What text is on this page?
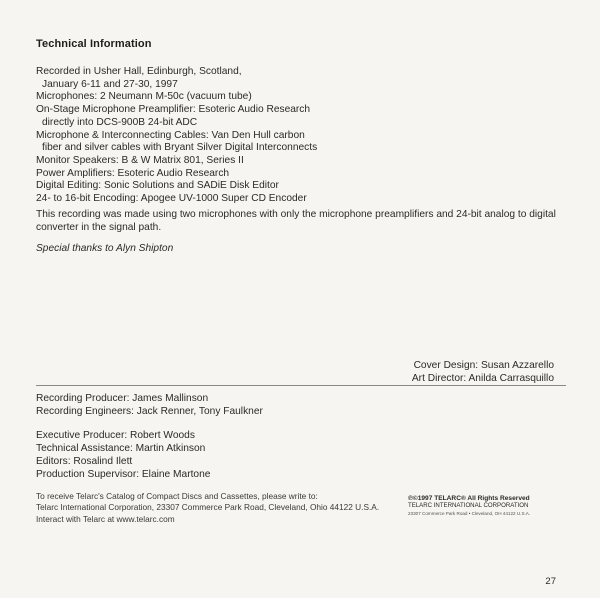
Technical Information
Recorded in Usher Hall, Edinburgh, Scotland,
January 6-11 and 27-30, 1997
Microphones: 2 Neumann M-50c (vacuum tube)
On-Stage Microphone Preamplifier: Esoteric Audio Research
directly into DCS-900B 24-bit ADC
Microphone & Interconnecting Cables: Van Den Hull carbon
fiber and silver cables with Bryant Silver Digital Interconnects
Monitor Speakers: B & W Matrix 801, Series II
Power Amplifiers: Esoteric Audio Research
Digital Editing: Sonic Solutions and SADiE Disk Editor
24- to 16-bit Encoding: Apogee UV-1000 Super CD Encoder

This recording was made using two microphones with only the microphone preamplifiers and 24-bit analog to digital converter in the signal path.

Special thanks to Alyn Shipton

Cover Design: Susan Azzarello
Art Director: Anilda Carrasquillo
Recording Producer: James Mallinson
Recording Engineers: Jack Renner, Tony Faulkner
Executive Producer: Robert Woods
Technical Assistance: Martin Atkinson
Editors: Rosalind Ilett
Production Supervisor: Elaine Martone
To receive Telarc's Catalog of Compact Discs and Cassettes, please write to:
Telarc International Corporation, 23307 Commerce Park Road, Cleveland, Ohio 44122 U.S.A.
Interact with Telarc at www.telarc.com
℗©1997 TELARC® All Rights Reserved
TELARC INTERNATIONAL CORPORATION
23307 Commerce Park Road • Cleveland, OH 44122 U.S.A.
27
